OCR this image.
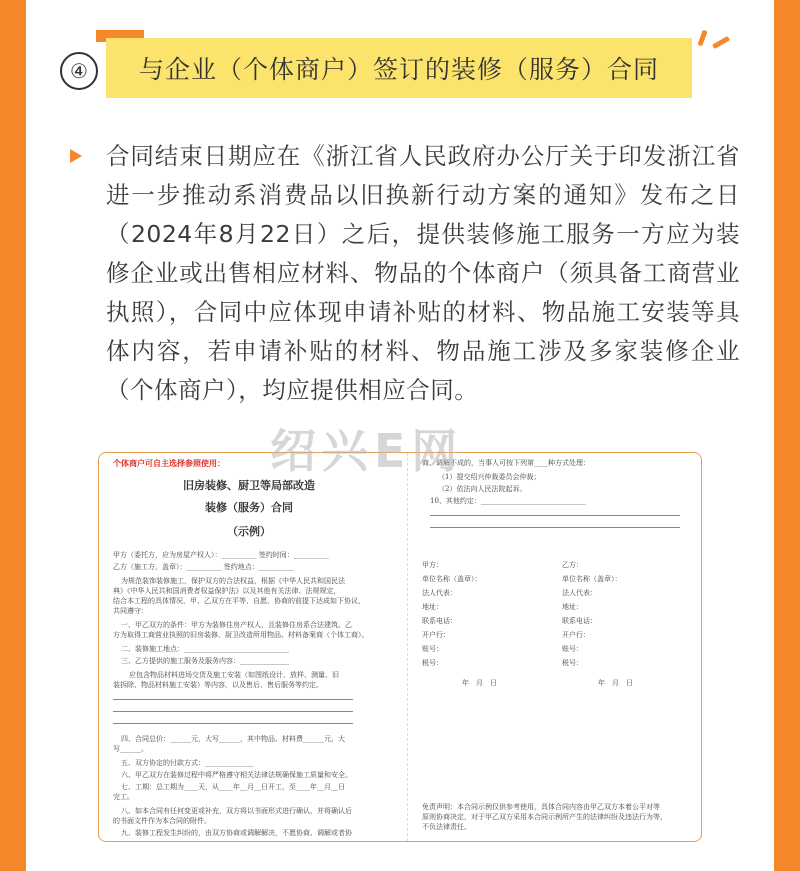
④	与企业（个体商户）签订的装修（服务）合同

合同结束日期应在《浙江省人民政府办公厅关于印发浙江省进一步推动系消费品以旧换新行动方案的通知》发布之日（2024年8月22日）之后，提供装修施工服务一方应为装修企业或出售相应材料、物品的个体商户（须具备工商营业执照），合同中应体现申请补贴的材料、物品施工安装等具体内容，若申请补贴的材料、物品施工涉及多家装修企业（个体商户），均应提供相应合同。

个体商户可自主选择参照使用：
旧房装修、厨卫等局部改造
装修（服务）合同
（示例）
甲方（委托方，应为房屋产权人）：__________ 签约时间：__________
乙方（施工方，盖章）：__________ 签约地点：__________
为规范装饰装修施工，保护双方的合法权益，根据《中华人民共和国民法
典》《中华人民共和国消费者权益保护法》以及其他有关法律、法规规定，
结合本工程的具体情况，甲、乙双方在平等、自愿、协商的前提下达成如下协议，
共同遵守：
一、甲乙双方的条件：甲方为装修住房产权人，且装修住房系合法建筑。乙
方为取得工商营业执照的旧房装修、厨卫改造所用物品、材料备案商（个体工商）。
二、装修施工地点：______________________________
三、乙方提供的施工服务及服务内容：______________
应包含物品材料进场交货及施工安装（如图纸设计、放样、测量、旧
装拆除、物品材料施工安装）等内容，以及售后、售后服务等约定。
四、合同总价：______元，大写______，其中物品、材料费______元，大
写______。
五、双方协定的付款方式：______________
六、甲乙双方在装修过程中将严格遵守相关法律法规确保施工质量和安全。
七、工期：总工期为____天，从____年__月__日开工，至____年__月__日
完工。
八、如本合同有任何变更或补充，双方将以书面形式进行确认，并将确认后
的书面文件作为本合同的附件。
九、装修工程发生纠纷的，由双方协商或调解解决，不愿协商、调解或者协
商、调解不成的，当事人可按下列第____种方式处理：
（1）提交绍兴仲裁委员会仲裁；
（2）依法向人民法院起诉。
10、其他约定：______________________________
甲方：
单位名称（盖章）：
法人代表：
地址：
联系电话：
开户行：
账号：
税号：
乙方：
单位名称（盖章）：
法人代表：
地址：
联系电话：
开户行：
账号：
税号：
年　月　日	年　月　日
免责声明：本合同示例仅供参考使用，具体合同内容由甲乙双方本着公平对等
原则协商决定，对于甲乙双方采用本合同示例所产生的法律纠纷及违法行为等，
不负法律责任。
绍兴E网
